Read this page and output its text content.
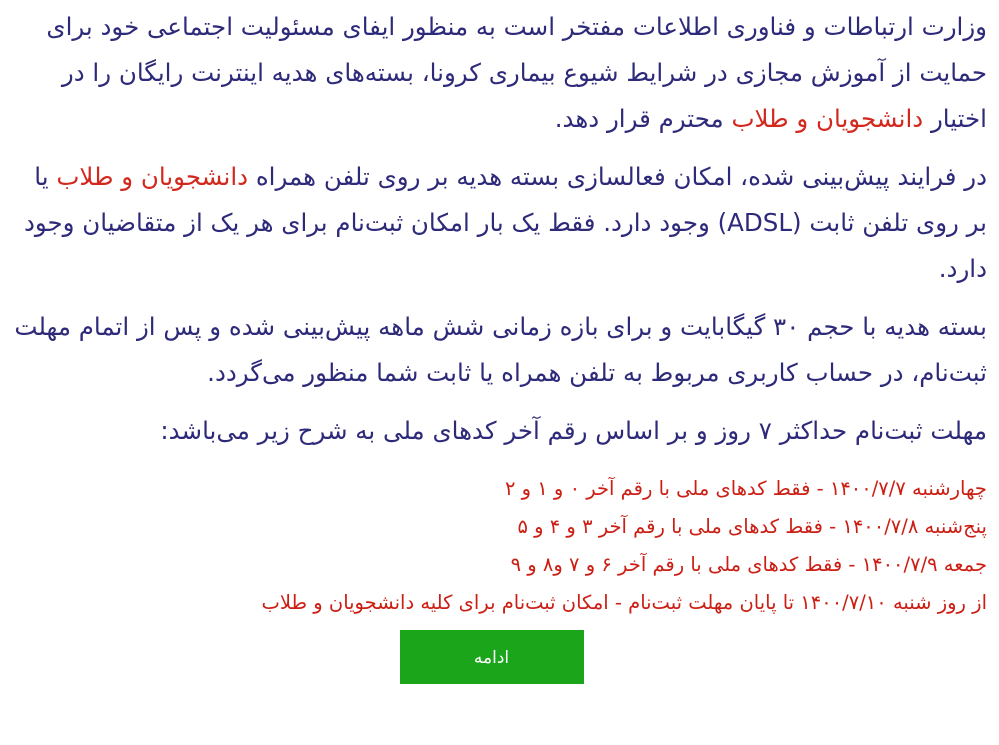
وزارت ارتباطات و فناوری اطلاعات مفتخر است به منظور ایفای مسئولیت اجتماعی خود برای حمایت از آموزش مجازی در شرایط شیوع بیماری کرونا، بسته‌های هدیه اینترنت رایگان را در اختیار دانشجویان و طلاب محترم قرار دهد.

در فرایند پیش‌بینی شده، امکان فعالسازی بسته هدیه بر روی تلفن همراه دانشجویان و طلاب یا بر روی تلفن ثابت (ADSL) وجود دارد. فقط یک بار امکان ثبت‌نام برای هر یک از متقاضیان وجود دارد.

بسته هدیه با حجم ۳۰ گیگابایت و برای بازه زمانی شش ماهه پیش‌بینی شده و پس از اتمام مهلت ثبت‌نام، در حساب کاربری مربوط به تلفن همراه یا ثابت شما منظور می‌گردد.

مهلت ثبت‌نام حداکثر ۷ روز و بر اساس رقم آخر کدهای ملی به شرح زیر می‌باشد:

چهارشنبه ۱۴۰۰/۷/۷ - فقط کدهای ملی با رقم آخر ۰ و ۱ و ۲
پنج‌شنبه ۱۴۰۰/۷/۸ - فقط کدهای ملی با رقم آخر ۳ و ۴ و ۵
جمعه ۱۴۰۰/۷/۹ - فقط کدهای ملی با رقم آخر ۶ و ۷ و۸ و ۹
از روز شنبه ۱۴۰۰/۷/۱۰ تا پایان مهلت ثبت‌نام - امکان ثبت‌نام برای کلیه دانشجویان و طلاب
ادامه
